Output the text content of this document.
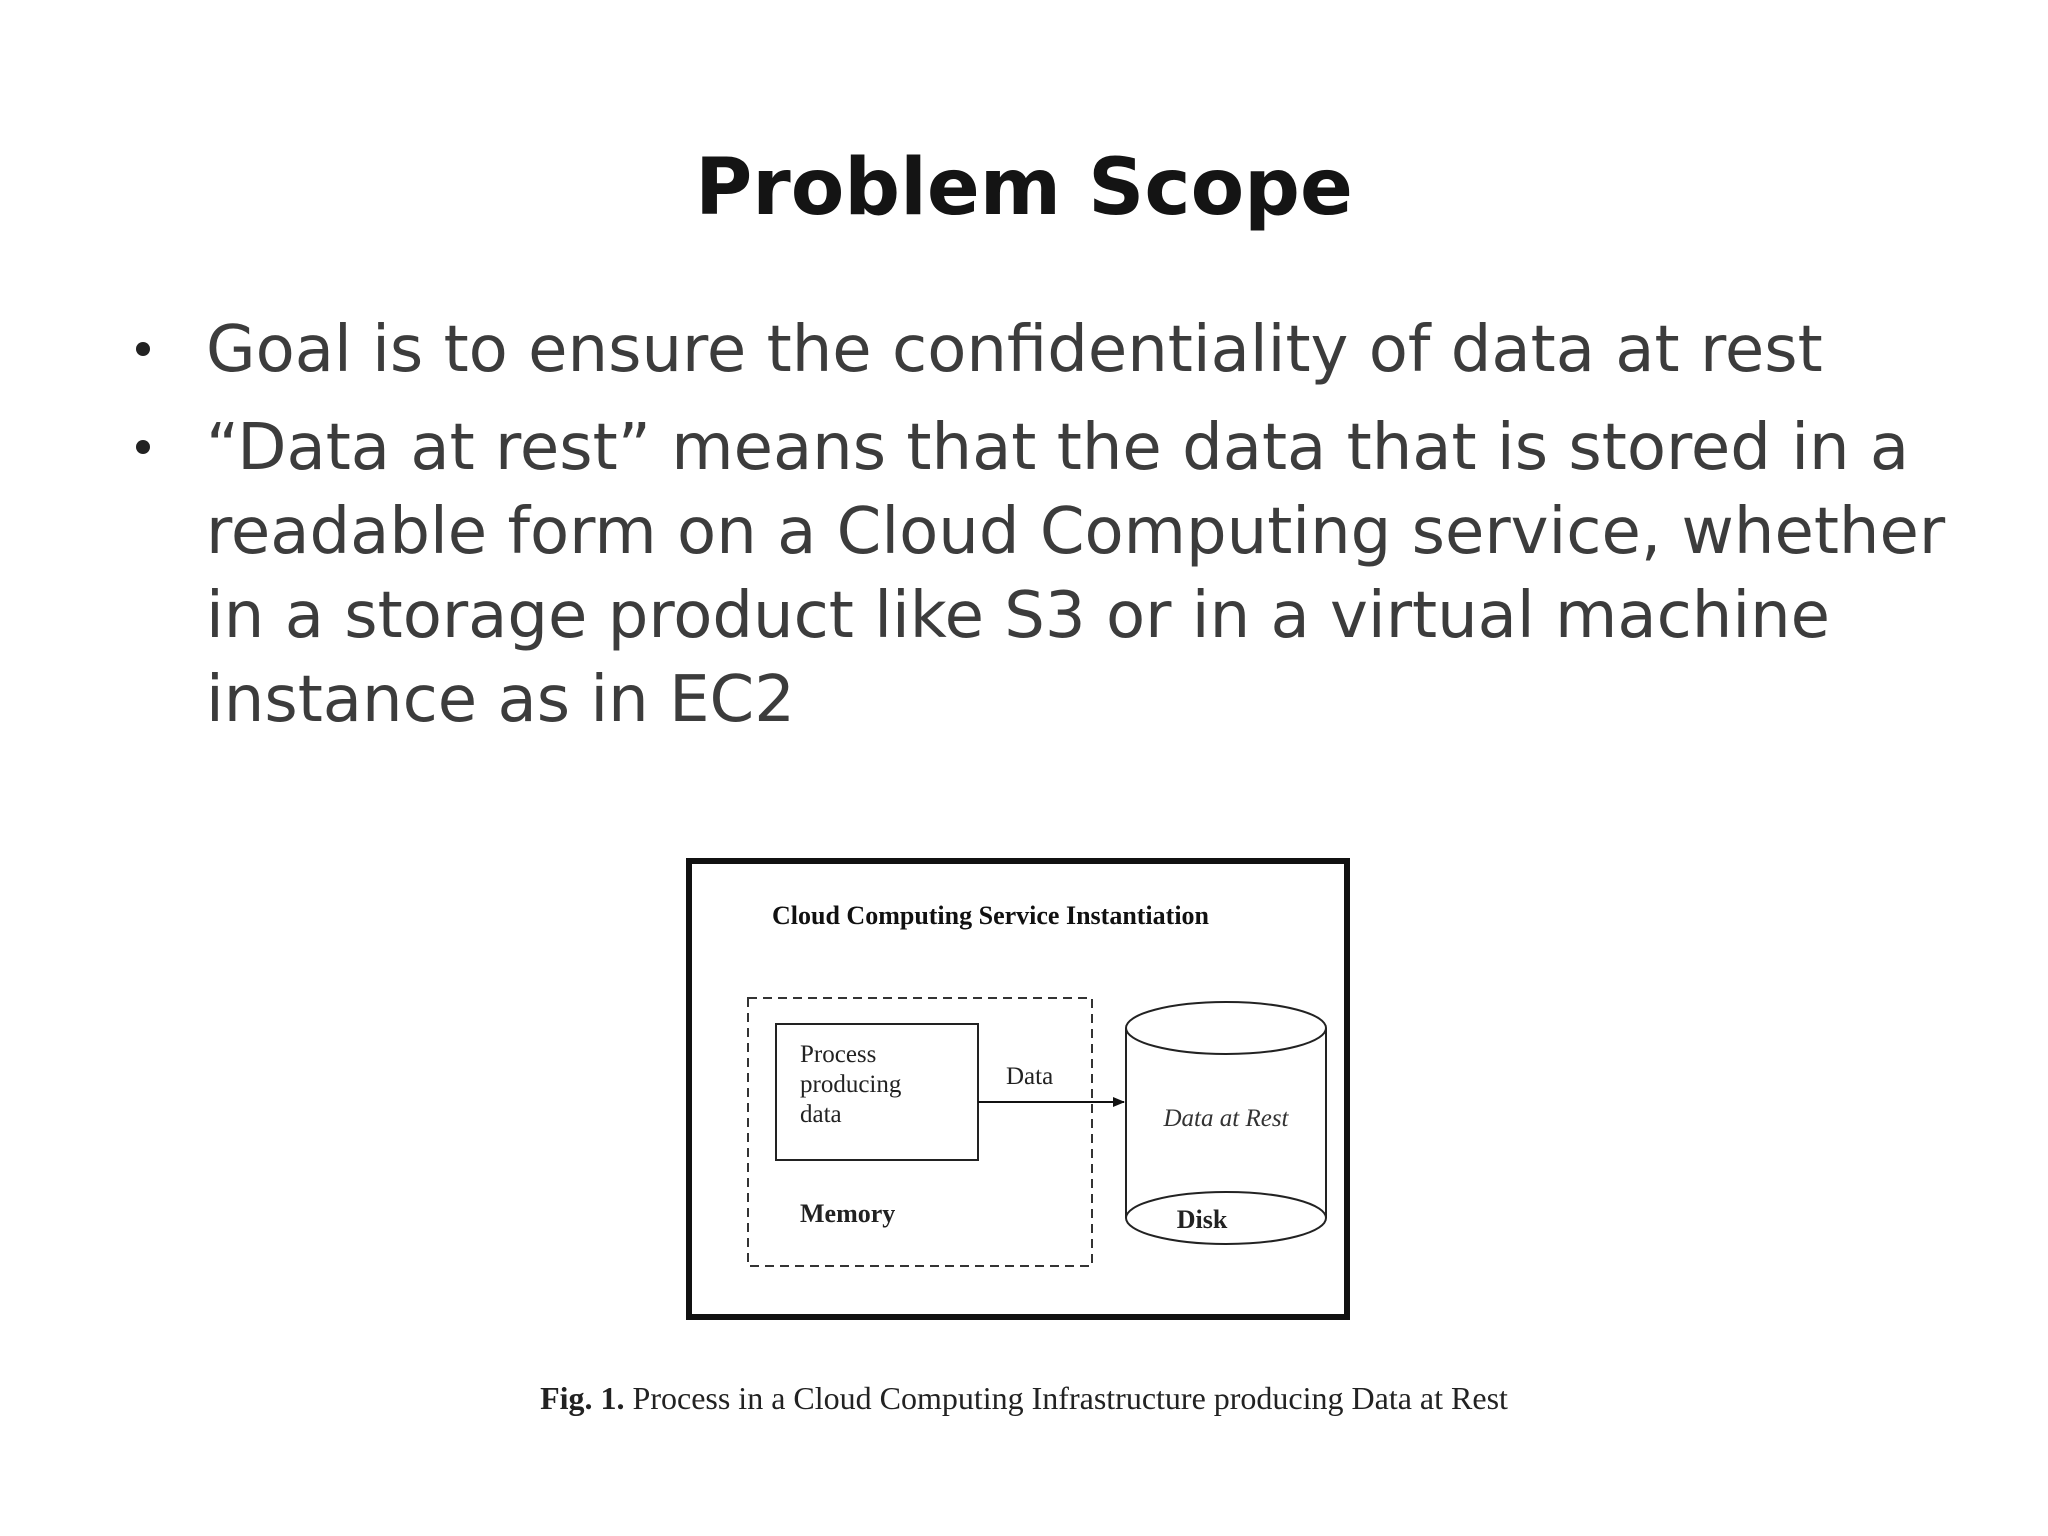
Problem Scope
Goal is to ensure the confidentiality of data at rest
“Data at rest” means that the data that is stored in a readable form on a Cloud Computing service, whether in a storage product like S3 or in a virtual machine instance as in EC2
Cloud Computing Service Instantiation
Process
producing
data
Memory
Data
Data at Rest
Disk

Fig. 1. Process in a Cloud Computing Infrastructure producing Data at Rest
